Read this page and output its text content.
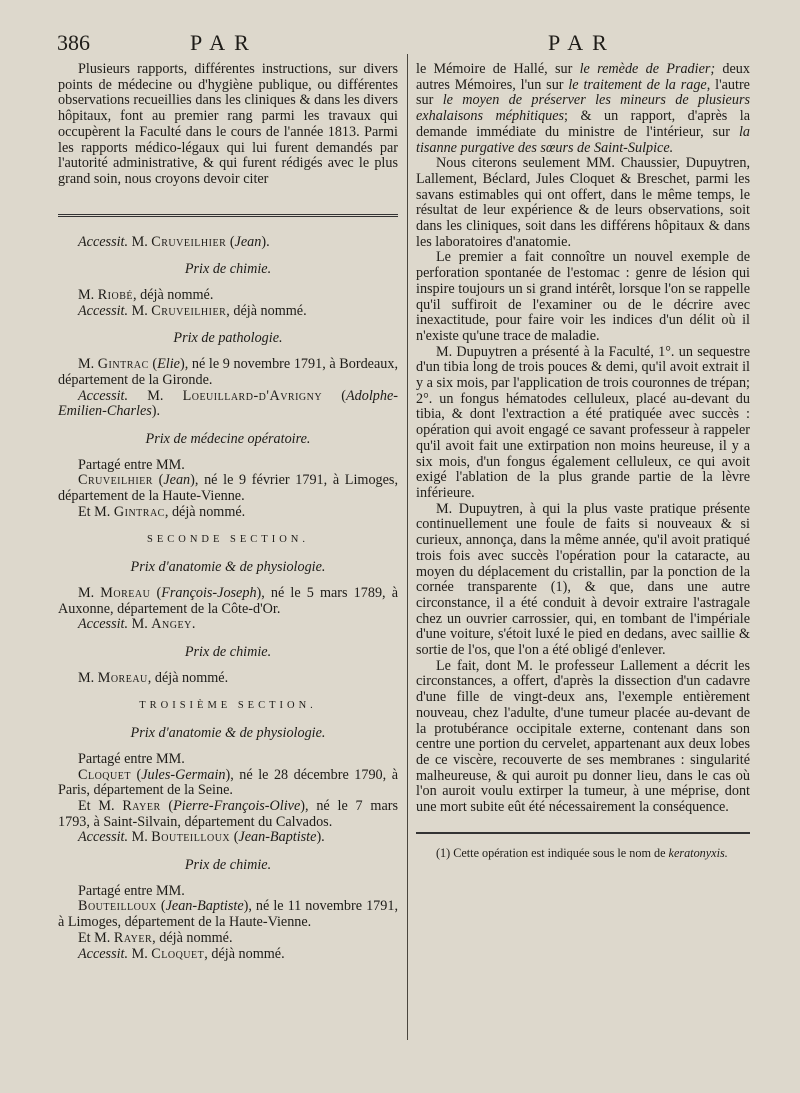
386	PAR	PAR

Plusieurs rapports, différentes instructions, sur divers points de médecine ou d'hygiène publique, ou différentes observations recueillies dans les cliniques & dans les divers hôpitaux, font au premier rang parmi les travaux qui occupèrent la Faculté dans le cours de l'année 1813. Parmi les rapports médico-légaux qui lui furent demandés par l'autorité administrative, & qui furent rédigés avec le plus grand soin, nous croyons devoir citer

Accessit. M. Cruveilhier (Jean).

Prix de chimie.

M. Riobé, déjà nommé.

Accessit. M. Cruveilhier, déjà nommé.

Prix de pathologie.

M. Gintrac (Elie), né le 9 novembre 1791, à Bordeaux, département de la Gironde.

Accessit. M. Loeuillard-d'Avrigny (Adolphe-Emilien-Charles).

Prix de médecine opératoire.

Partagé entre MM.

Cruveilhier (Jean), né le 9 février 1791, à Limoges, département de la Haute-Vienne.

Et M. Gintrac, déjà nommé.

SECONDE SECTION.
Prix d'anatomie & de physiologie.

M. Moreau (François-Joseph), né le 5 mars 1789, à Auxonne, département de la Côte-d'Or.

Accessit. M. Angey.

Prix de chimie.

M. Moreau, déjà nommé.

TROISIÈME SECTION.
Prix d'anatomie & de physiologie.

Partagé entre MM.

Cloquet (Jules-Germain), né le 28 décembre 1790, à Paris, département de la Seine.

Et M. Rayer (Pierre-François-Olive), né le 7 mars 1793, à Saint-Silvain, département du Calvados.

Accessit. M. Bouteilloux (Jean-Baptiste).

Prix de chimie.

Partagé entre MM.

Bouteilloux (Jean-Baptiste), né le 11 novembre 1791, à Limoges, département de la Haute-Vienne.

Et M. Rayer, déjà nommé.

Accessit. M. Cloquet, déjà nommé.

le Mémoire de Hallé, sur le remède de Pradier; deux autres Mémoires, l'un sur le traitement de la rage, l'autre sur le moyen de préserver les mineurs de plusieurs exhalaisons méphitiques; & un rapport, d'après la demande immédiate du ministre de l'intérieur, sur la tisanne purgative des sœurs de Saint-Sulpice.

Nous citerons seulement MM. Chaussier, Dupuytren, Lallement, Béclard, Jules Cloquet & Breschet, parmi les savans estimables qui ont offert, dans le même temps, le résultat de leur expérience & de leurs observations, soit dans les cliniques, soit dans les différens hôpitaux & dans les laboratoires d'anatomie.

Le premier a fait connoître un nouvel exemple de perforation spontanée de l'estomac : genre de lésion qui inspire toujours un si grand intérêt, lorsque l'on se rappelle qu'il suffiroit de l'examiner ou de le décrire avec inexactitude, pour faire voir les indices d'un délit où il n'existe qu'une trace de maladie.

M. Dupuytren a présenté à la Faculté, 1°. un sequestre d'un tibia long de trois pouces & demi, qu'il avoit extrait il y a six mois, par l'application de trois couronnes de trépan; 2°. un fongus hématodes celluleux, placé au-devant du tibia, & dont l'extraction a été pratiquée avec succès : opération qui avoit engagé ce savant professeur à rappeler qu'il avoit fait une extirpation non moins heureuse, il y a six mois, d'un fongus également celluleux, ce qui avoit exigé l'ablation de la plus grande partie de la lèvre inférieure.

M. Dupuytren, à qui la plus vaste pratique présente continuellement une foule de faits si nouveaux & si curieux, annonça, dans la même année, qu'il avoit pratiqué trois fois avec succès l'opération pour la cataracte, au moyen du déplacement du cristallin, par la ponction de la cornée transparente (1), & que, dans une autre circonstance, il a été conduit à devoir extraire l'astragale chez un ouvrier carrossier, qui, en tombant de l'impériale d'une voiture, s'étoit luxé le pied en dedans, avec saillie & sortie de l'os, que l'on a été obligé d'enlever.

Le fait, dont M. le professeur Lallement a décrit les circonstances, a offert, d'après la dissection d'un cadavre d'une fille de vingt-deux ans, l'exemple entièrement nouveau, chez l'adulte, d'une tumeur placée au-devant de la protubérance occipitale externe, contenant dans son centre une portion du cervelet, appartenant aux deux lobes de ce viscère, recouverte de ses membranes : singularité malheureuse, & qui auroit pu donner lieu, dans le cas où l'on auroit voulu extirper la tumeur, à une méprise, dont une mort subite eût été nécessairement la conséquence.

(1) Cette opération est indiquée sous le nom de keratonyxis.
